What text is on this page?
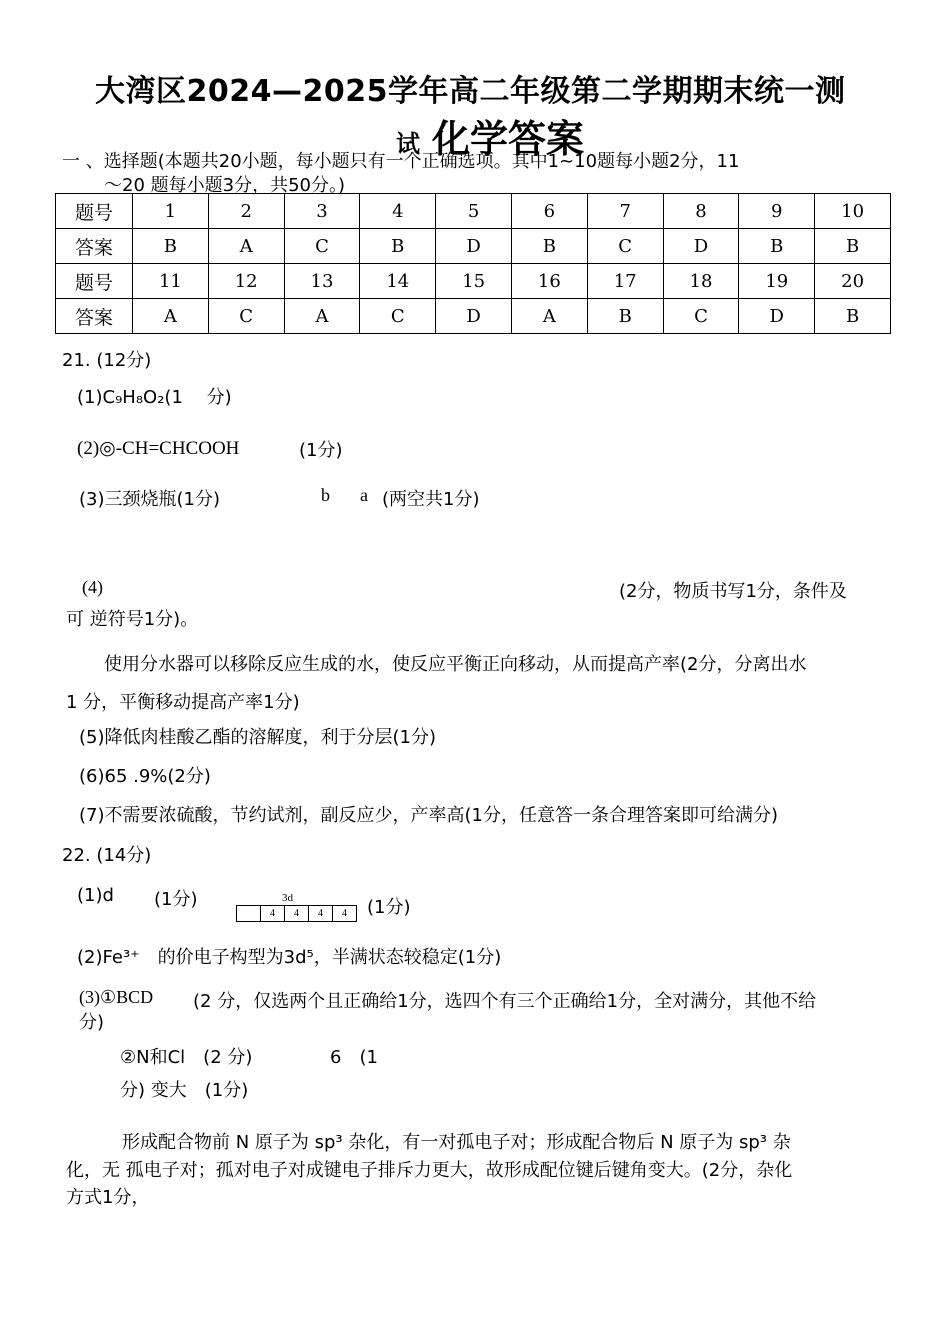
大湾区2024—2025学年高二年级第二学期期末统一测
试 化学答案
一 、选择题(本题共20小题，每小题只有一个正确选项。其中1~10题每小题2分，11
～20 题每小题3分，共50分。)
题号	1	2	3	4	5	6	7	8	9	10
答案	B	A	C	B	D	B	C	D	B	B
题号	11	12	13	14	15	16	17	18	19	20
答案	A	C	A	C	D	A	B	C	D	B
21. (12分)
(1)C₉H₈O₂(1　 分)
(2)◎-CH=CHCOOH	(1分)
(3)三颈烧瓶(1分)	b a (两空共1分)
(4)	(2分，物质书写1分，条件及
可 逆符号1分)。
使用分水器可以移除反应生成的水，使反应平衡正向移动，从而提高产率(2分，分离出水
1 分，平衡移动提高产率1分)
(5)降低肉桂酸乙酯的溶解度，利于分层(1分)
(6)65 .9%(2分)
(7)不需要浓硫酸，节约试剂，副反应少，产率高(1分，任意答一条合理答案即可给满分)
22. (14分)
(1)d (1分)	3d
4 4 4 4	(1分)
(2)Fe³⁺　的价电子构型为3d⁵，半满状态较稳定(1分)
(3)①BCD (2 分，仅选两个且正确给1分，选四个有三个正确给1分，全对满分，其他不给
分)
②N和Cl　(2 分)	6　(1
分) 变大　(1分)
形成配合物前 N 原子为 sp³ 杂化，有一对孤电子对；形成配合物后 N 原子为 sp³ 杂
化，无 孤电子对；孤对电子对成键电子排斥力更大，故形成配位键后键角变大。(2分，杂化
方式1分，
